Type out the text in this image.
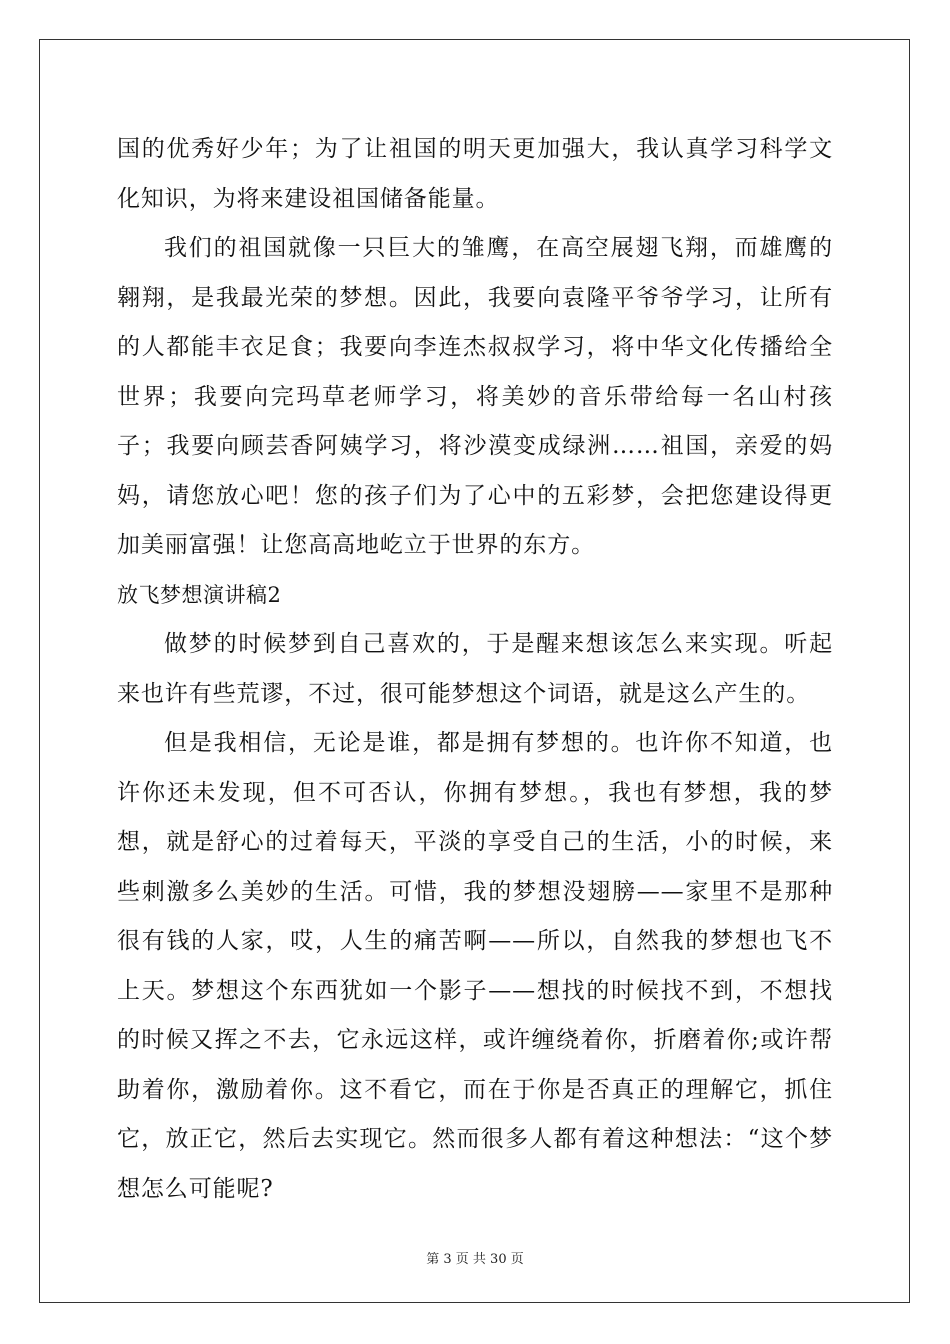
国的优秀好少年；为了让祖国的明天更加强大，我认真学习科学文化知识，为将来建设祖国储备能量。

我们的祖国就像一只巨大的雏鹰，在高空展翅飞翔，而雄鹰的翱翔，是我最光荣的梦想。因此，我要向袁隆平爷爷学习，让所有的人都能丰衣足食；我要向李连杰叔叔学习，将中华文化传播给全世界；我要向完玛草老师学习，将美妙的音乐带给每一名山村孩子；我要向顾芸香阿姨学习，将沙漠变成绿洲……祖国，亲爱的妈妈，请您放心吧！您的孩子们为了心中的五彩梦，会把您建设得更加美丽富强！让您高高地屹立于世界的东方。

放飞梦想演讲稿2

做梦的时候梦到自己喜欢的，于是醒来想该怎么来实现。听起来也许有些荒谬，不过，很可能梦想这个词语，就是这么产生的。

但是我相信，无论是谁，都是拥有梦想的。也许你不知道，也许你还未发现，但不可否认，你拥有梦想。，我也有梦想，我的梦想，就是舒心的过着每天，平淡的享受自己的生活，小的时候，来些刺激多么美妙的生活。可惜，我的梦想没翅膀——家里不是那种很有钱的人家，哎，人生的痛苦啊——所以，自然我的梦想也飞不上天。梦想这个东西犹如一个影子——想找的时候找不到，不想找的时候又挥之不去，它永远这样，或许缠绕着你，折磨着你;或许帮助着你，激励着你。这不看它，而在于你是否真正的理解它，抓住它，放正它，然后去实现它。然而很多人都有着这种想法：“这个梦想怎么可能呢?

第 3 页 共 30 页
